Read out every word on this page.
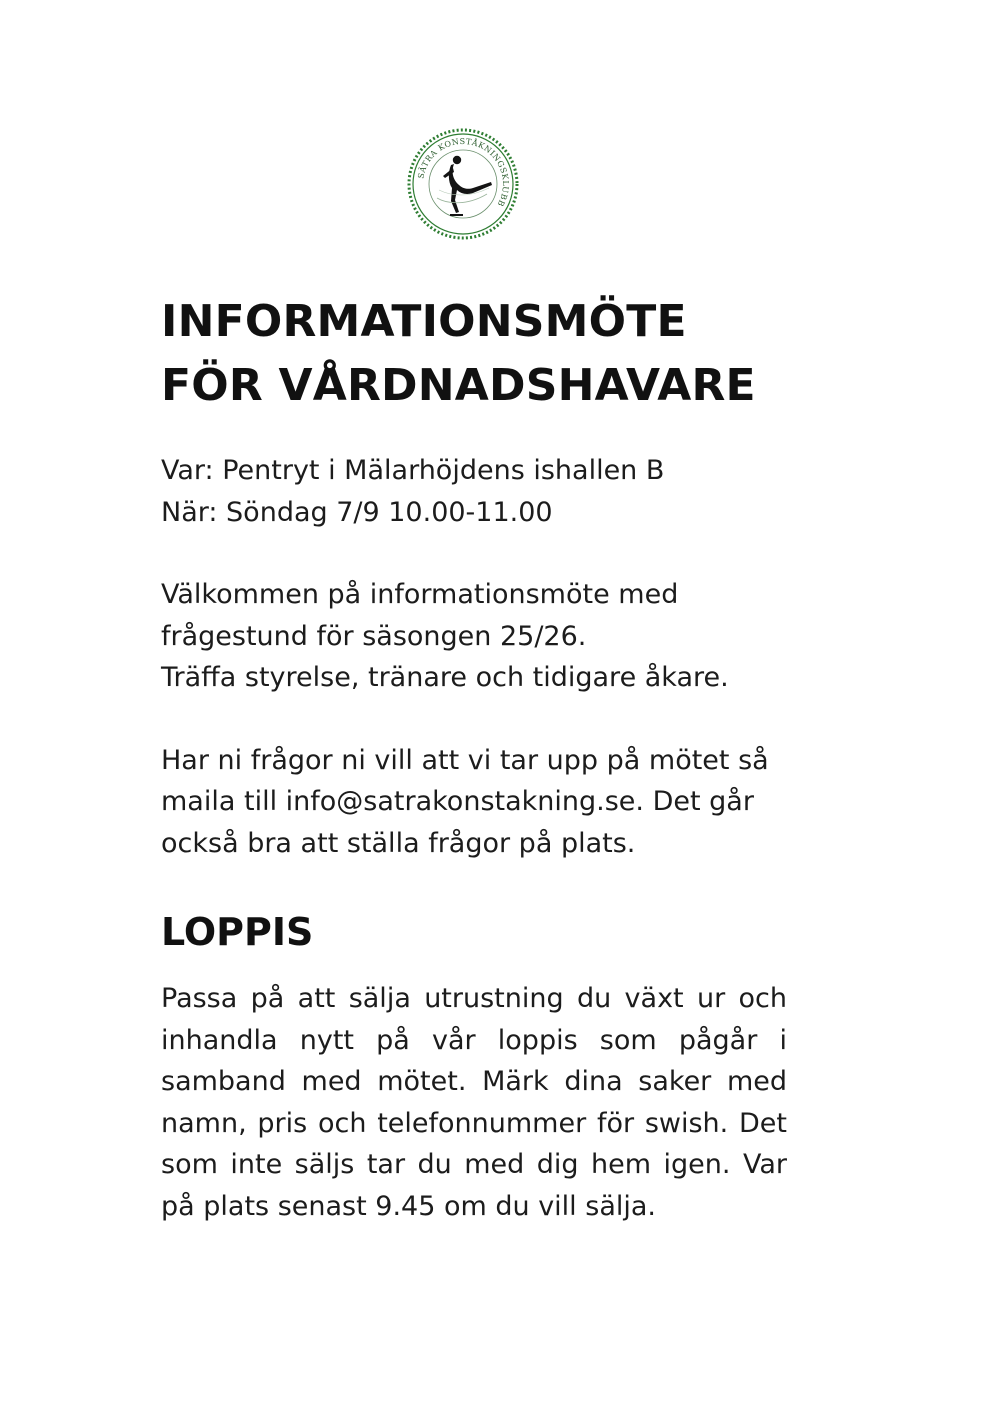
SÄTRA KONSTÅKNINGSKLUBB
INFORMATIONSMÖTE
FÖR VÅRDNADSHAVARE

Var: Pentryt i Mälarhöjdens ishallen B
När: Söndag 7/9 10.00-11.00

Välkommen på informationsmöte med
frågestund för säsongen 25/26.
Träffa styrelse, tränare och tidigare åkare.

Har ni frågor ni vill att vi tar upp på mötet så
maila till info@satrakonstakning.se. Det går
också bra att ställa frågor på plats.

LOPPIS

Passa på att sälja utrustning du växt ur och inhandla nytt på vår loppis som pågår i samband med mötet. Märk dina saker med namn, pris och telefonnummer för swish. Det som inte säljs tar du med dig hem igen. Var på plats senast 9.45 om du vill sälja.
